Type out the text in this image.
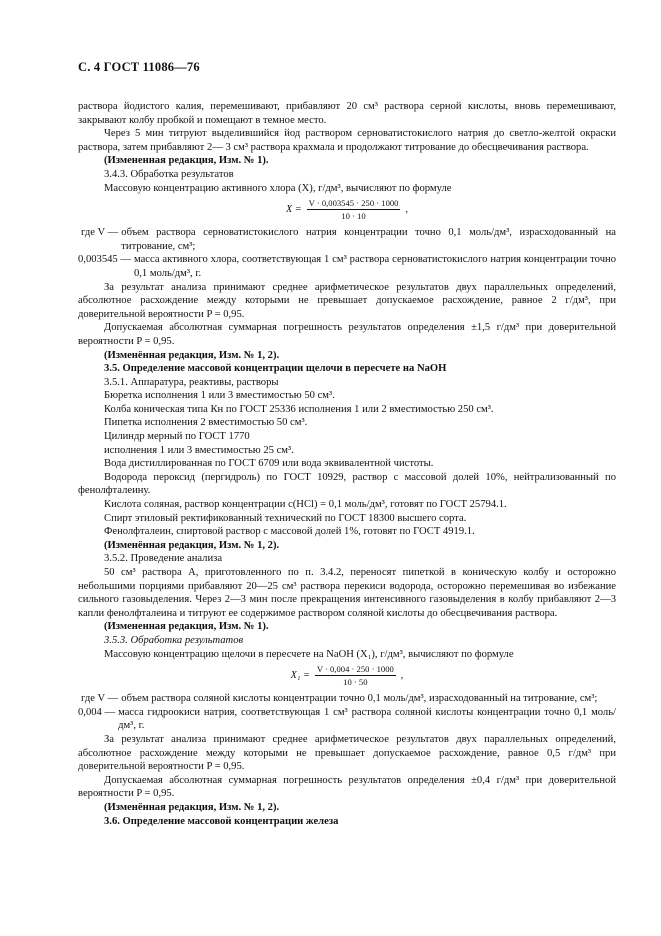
С. 4 ГОСТ 11086—76

раствора йодистого калия, перемешивают, прибавляют 20 см³ раствора серной кислоты, вновь перемешивают, закрывают колбу пробкой и помещают в темное место.

Через 5 мин титруют выделившийся йод раствором серноватистокислого натрия до светло-желтой окраски раствора, затем прибавляют 2— 3 см³ раствора крахмала и продолжают титрование до обесцвечивания раствора.

(Измененная редакция, Изм. № 1).

3.4.3. Обработка результатов

Массовую концентрацию активного хлора (X), г/дм³, вычисляют по формуле

$X = \frac{V \cdot 0,003545 \cdot 250 \cdot 1000}{10 \cdot 10}$ ,
где V — объем раствора серноватистокислого натрия концентрации точно 0,1 моль/дм³, израсходованный на титрование, см³;
0,003545 — масса активного хлора, соответствующая 1 см³ раствора серноватистокислого натрия концентрации точно 0,1 моль/дм³, г.

За результат анализа принимают среднее арифметическое результатов двух параллельных определений, абсолютное расхождение между которыми не превышает допускаемое расхождение, равное 2 г/дм³, при доверительной вероятности P = 0,95.

Допускаемая абсолютная суммарная погрешность результатов определения ±1,5 г/дм³ при доверительной вероятности P = 0,95.

(Изменённая редакция, Изм. № 1, 2).

3.5. Определение массовой концентрации щелочи в пересчете на NaOH

3.5.1. Аппаратура, реактивы, растворы

Бюретка исполнения 1 или 3 вместимостью 50 см³.

Колба коническая типа Кн по ГОСТ 25336 исполнения 1 или 2 вместимостью 250 см³.

Пипетка исполнения 2 вместимостью 50 см³.

Цилиндр мерный по ГОСТ 1770

исполнения 1 или 3 вместимостью 25 см³.

Вода дистиллированная по ГОСТ 6709 или вода эквивалентной чистоты.

Водорода пероксид (пергидроль) по ГОСТ 10929, раствор с массовой долей 10%, нейтрализованный по фенолфталеину.

Кислота соляная, раствор концентрации c(HCl) = 0,1 моль/дм³, готовят по ГОСТ 25794.1.

Спирт этиловый ректификованный технический по ГОСТ 18300 высшего сорта.

Фенолфталеин, спиртовой раствор с массовой долей 1%, готовят по ГОСТ 4919.1.

(Изменённая редакция, Изм. № 1, 2).

3.5.2. Проведение анализа

50 см³ раствора А, приготовленного по п. 3.4.2, переносят пипеткой в коническую колбу и осторожно небольшими порциями прибавляют 20—25 см³ раствора перекиси водорода, осторожно перемешивая во избежание сильного газовыделения. Через 2—3 мин после прекращения интенсивного газовыделения в колбу прибавляют 2—3 капли фенолфталеина и титруют ее содержимое раствором соляной кислоты до обесцвечивания раствора.

(Измененная редакция, Изм. № 1).

3.5.3. Обработка результатов

Массовую концентрацию щелочи в пересчете на NaOH (X₁), г/дм³, вычисляют по формуле

$X_1 = \frac{V \cdot 0,004 \cdot 250 \cdot 1000}{10 \cdot 50}$ ,
где V — объем раствора соляной кислоты концентрации точно 0,1 моль/дм³, израсходованный на титрование, см³;
0,004 — масса гидроокиси натрия, соответствующая 1 см³ раствора соляной кислоты концентрации точно 0,1 моль/дм³, г.

За результат анализа принимают среднее арифметическое результатов двух параллельных определений, абсолютное расхождение между которыми не превышает допускаемое расхождение, равное 0,5 г/дм³ при доверительной вероятности P = 0,95.

Допускаемая абсолютная суммарная погрешность результатов определения ±0,4 г/дм³ при доверительной вероятности P = 0,95.

(Изменённая редакция, Изм. № 1, 2).

3.6. Определение массовой концентрации железа
